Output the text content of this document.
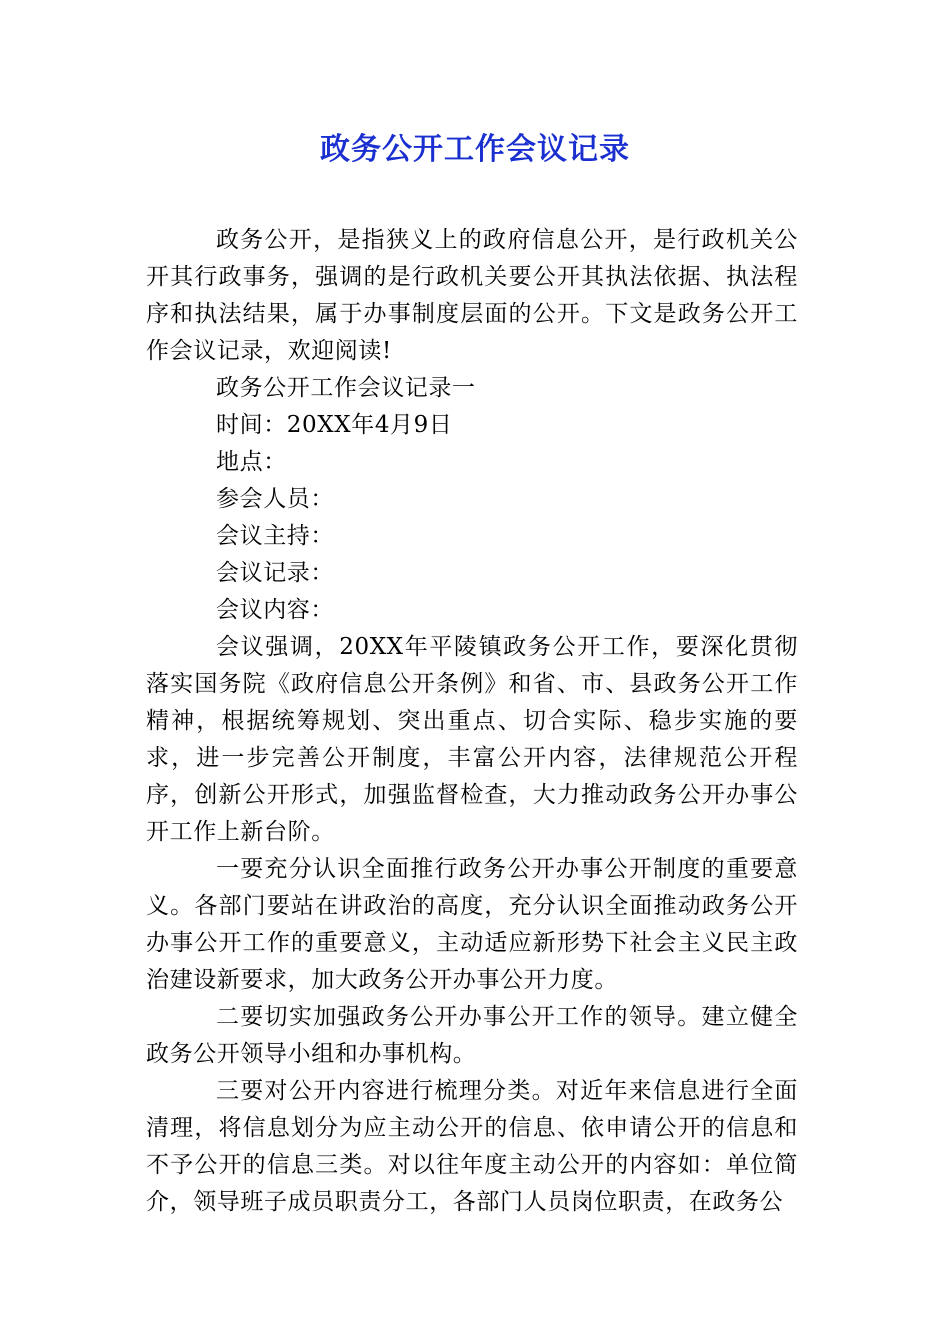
政务公开工作会议记录

政务公开，是指狭义上的政府信息公开，是行政机关公开其行政事务，强调的是行政机关要公开其执法依据、执法程序和执法结果，属于办事制度层面的公开。下文是政务公开工作会议记录，欢迎阅读!

政务公开工作会议记录一

时间：20XX年4月9日

地点：

参会人员：

会议主持：

会议记录：

会议内容：

会议强调，20XX年平陵镇政务公开工作，要深化贯彻落实国务院《政府信息公开条例》和省、市、县政务公开工作精神，根据统筹规划、突出重点、切合实际、稳步实施的要求，进一步完善公开制度，丰富公开内容，法律规范公开程序，创新公开形式，加强监督检查，大力推动政务公开办事公开工作上新台阶。

一要充分认识全面推行政务公开办事公开制度的重要意义。各部门要站在讲政治的高度，充分认识全面推动政务公开办事公开工作的重要意义，主动适应新形势下社会主义民主政治建设新要求，加大政务公开办事公开力度。

二要切实加强政务公开办事公开工作的领导。建立健全政务公开领导小组和办事机构。

三要对公开内容进行梳理分类。对近年来信息进行全面清理，将信息划分为应主动公开的信息、依申请公开的信息和不予公开的信息三类。对以往年度主动公开的内容如：单位简介，领导班子成员职责分工，各部门人员岗位职责，在政务公
